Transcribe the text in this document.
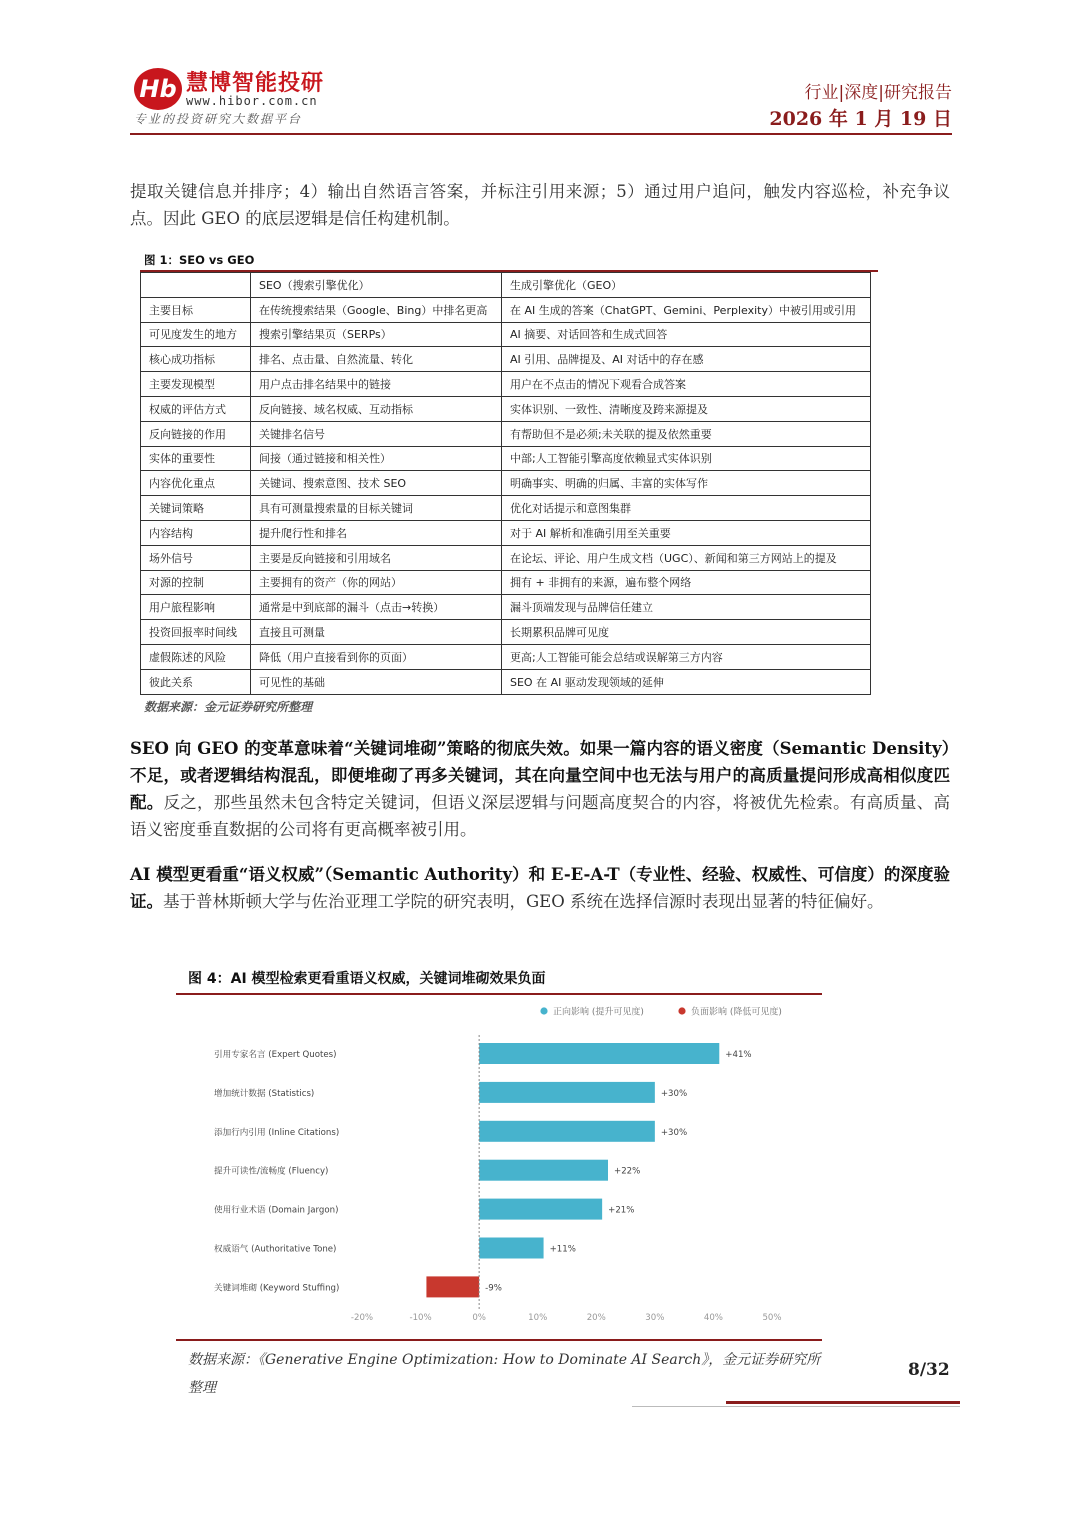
Hb 慧博智能投研
www.hibor.com.cn
专业的投资研究大数据平台
行业|深度|研究报告
2026 年 1 月 19 日

提取关键信息并排序；4）输出自然语言答案，并标注引用来源；5）通过用户追问，触发内容巡检，补充争议点。因此 GEO 的底层逻辑是信任构建机制。

图 1：SEO vs GEO
	SEO（搜索引擎优化）	生成引擎优化（GEO）
主要目标	在传统搜索结果（Google、Bing）中排名更高	在 AI 生成的答案（ChatGPT、Gemini、Perplexity）中被引用或引用
可见度发生的地方	搜索引擎结果页（SERPs）	AI 摘要、对话回答和生成式回答
核心成功指标	排名、点击量、自然流量、转化	AI 引用、品牌提及、AI 对话中的存在感
主要发现模型	用户点击排名结果中的链接	用户在不点击的情况下观看合成答案
权威的评估方式	反向链接、域名权威、互动指标	实体识别、一致性、清晰度及跨来源提及
反向链接的作用	关键排名信号	有帮助但不是必须;未关联的提及依然重要
实体的重要性	间接（通过链接和相关性）	中部;人工智能引擎高度依赖显式实体识别
内容优化重点	关键词、搜索意图、技术 SEO	明确事实、明确的归属、丰富的实体写作
关键词策略	具有可测量搜索量的目标关键词	优化对话提示和意图集群
内容结构	提升爬行性和排名	对于 AI 解析和准确引用至关重要
场外信号	主要是反向链接和引用域名	在论坛、评论、用户生成文档（UGC）、新闻和第三方网站上的提及
对源的控制	主要拥有的资产（你的网站）	拥有 + 非拥有的来源，遍布整个网络
用户旅程影响	通常是中到底部的漏斗（点击→转换）	漏斗顶端发现与品牌信任建立
投资回报率时间线	直接且可测量	长期累积品牌可见度
虚假陈述的风险	降低（用户直接看到你的页面）	更高;人工智能可能会总结或误解第三方内容
彼此关系	可见性的基础	SEO 在 AI 驱动发现领域的延伸
数据来源：金元证券研究所整理

SEO 向 GEO 的变革意味着“关键词堆砌”策略的彻底失效。如果一篇内容的语义密度（Semantic Density）不足，或者逻辑结构混乱，即便堆砌了再多关键词，其在向量空间中也无法与用户的高质量提问形成高相似度匹配。反之，那些虽然未包含特定关键词，但语义深层逻辑与问题高度契合的内容，将被优先检索。有高质量、高语义密度垂直数据的公司将有更高概率被引用。

AI 模型更看重“语义权威”（Semantic Authority）和 E-E-A-T（专业性、经验、权威性、可信度）的深度验证。基于普林斯顿大学与佐治亚理工学院的研究表明，GEO 系统在选择信源时表现出显著的特征偏好。

图 4：AI 模型检索更看重语义权威，关键词堆砌效果负面
正向影响 (提升可见度)	负面影响 (降低可见度)
引用专家名言 (Expert Quotes)	+41%
增加统计数据 (Statistics)	+30%
添加行内引用 (Inline Citations)	+30%
提升可读性/流畅度 (Fluency)	+22%
使用行业术语 (Domain Jargon)	+21%
权威语气 (Authoritative Tone)	+11%
关键词堆砌 (Keyword Stuffing)	-9%
-20%	-10%	0%	10%	20%	30%	40%	50%
数据来源：《Generative Engine Optimization: How to Dominate AI Search》，金元证券研究所整理
8/32
